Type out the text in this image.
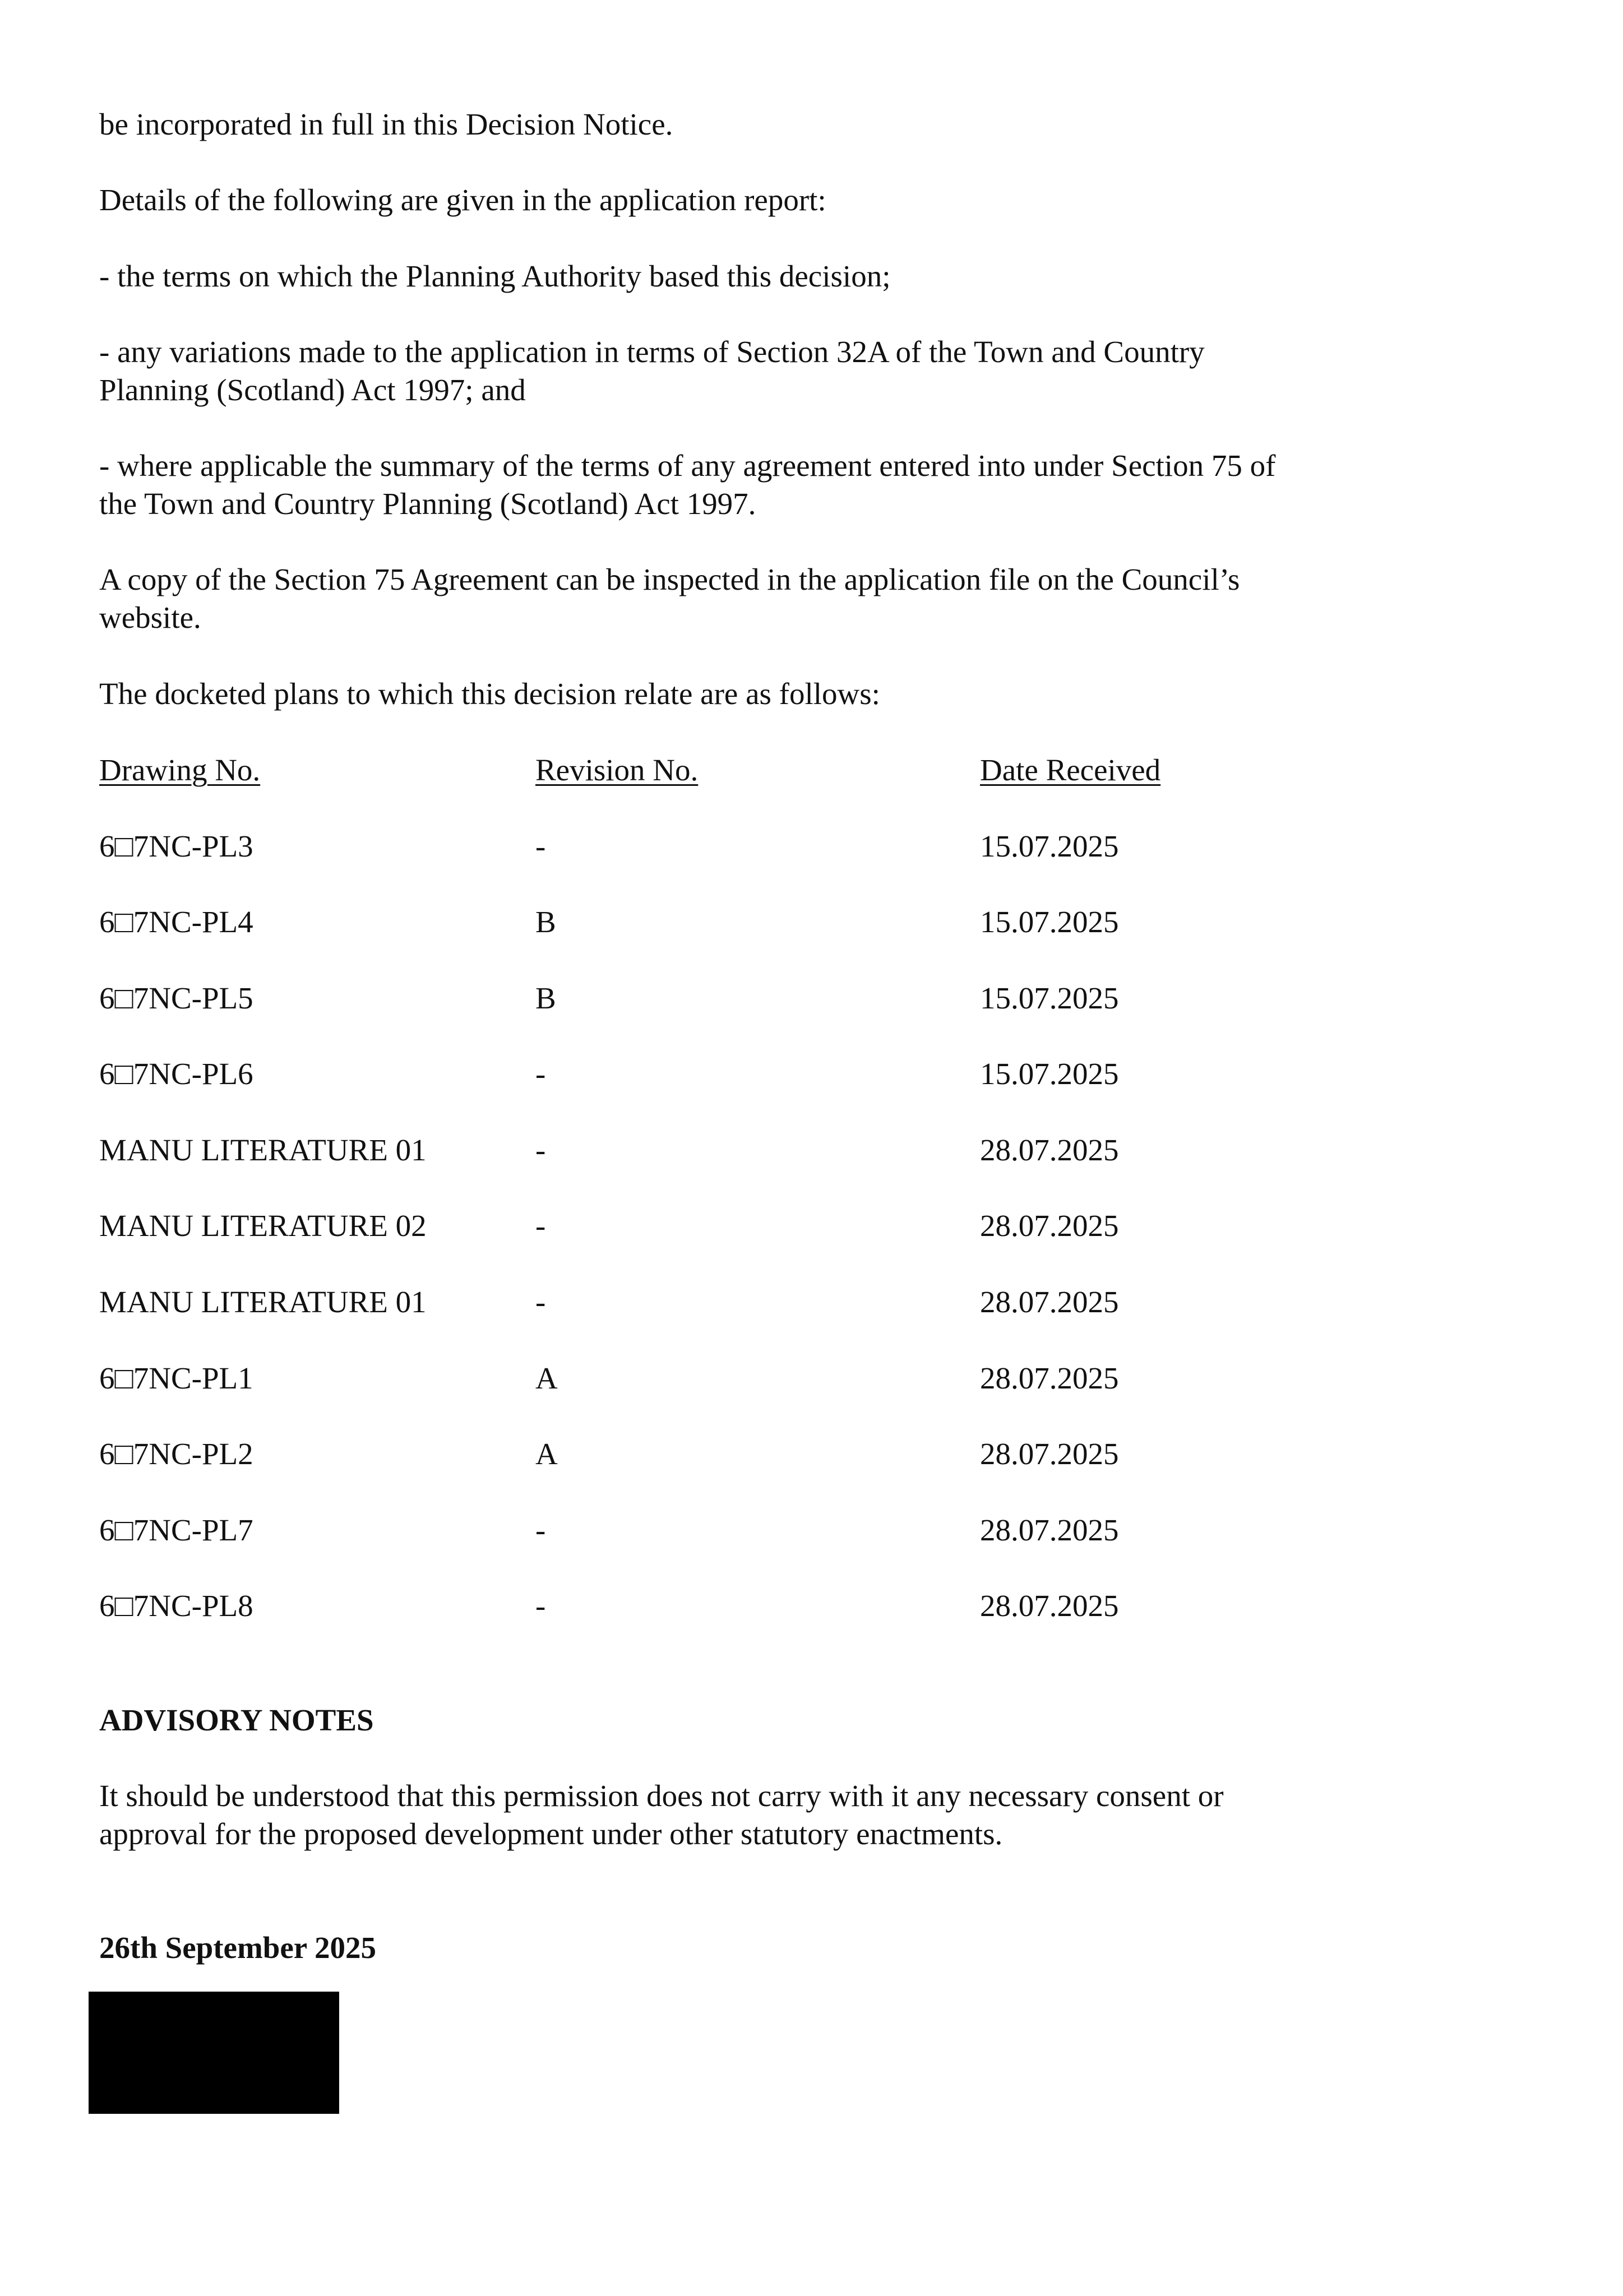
be incorporated in full in this Decision Notice.

Details of the following are given in the application report:

- the terms on which the Planning Authority based this decision;

- any variations made to the application in terms of Section 32A of the Town and Country

Planning (Scotland) Act 1997; and

- where applicable the summary of the terms of any agreement entered into under Section 75 of

the Town and Country Planning (Scotland) Act 1997.

A copy of the Section 75 Agreement can be inspected in the application file on the Council’s

website.

The docketed plans to which this decision relate are as follows:

Drawing No.	Revision No.	Date Received

6□7NC-PL3	-	15.07.2025

6□7NC-PL4	B	15.07.2025

6□7NC-PL5	B	15.07.2025

6□7NC-PL6	-	15.07.2025

MANU LITERATURE 01	-	28.07.2025

MANU LITERATURE 02	-	28.07.2025

MANU LITERATURE 01	-	28.07.2025

6□7NC-PL1	A	28.07.2025

6□7NC-PL2	A	28.07.2025

6□7NC-PL7	-	28.07.2025

6□7NC-PL8	-	28.07.2025

ADVISORY NOTES

It should be understood that this permission does not carry with it any necessary consent or

approval for the proposed development under other statutory enactments.

26th September 2025
